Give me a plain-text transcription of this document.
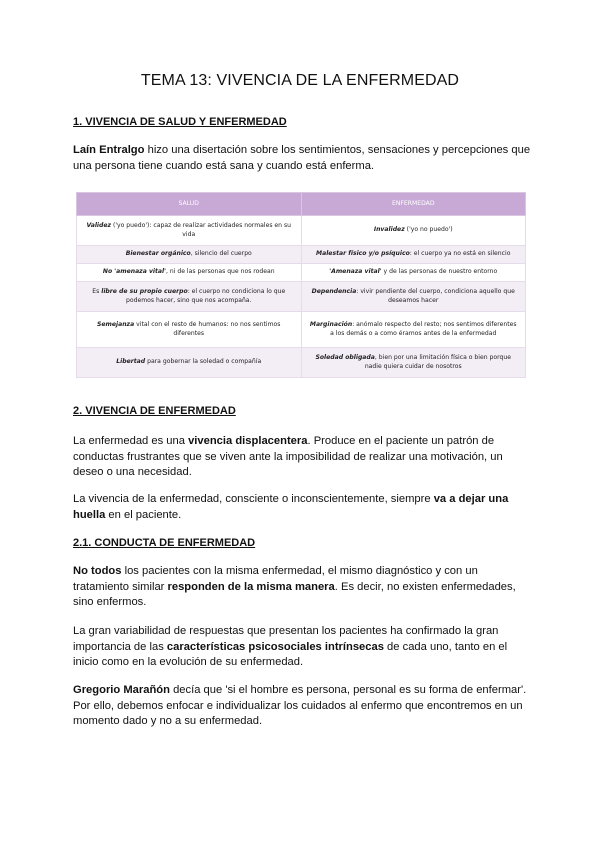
TEMA 13: VIVENCIA DE LA ENFERMEDAD
1. VIVENCIA DE SALUD Y ENFERMEDAD

Laín Entralgo hizo una disertación sobre los sentimientos, sensaciones y percepciones que una persona tiene cuando está sana y cuando está enferma.

SALUD	ENFERMEDAD
Validez ('yo puedo'): capaz de realizar actividades normales en su vida	Invalidez ('yo no puedo')
Bienestar orgánico, silencio del cuerpo	Malestar físico y/o psíquico: el cuerpo ya no está en silencio
No 'amenaza vital', ni de las personas que nos rodean	'Amenaza vital' y de las personas de nuestro entorno
Es libre de su propio cuerpo: el cuerpo no condiciona lo que podemos hacer, sino que nos acompaña.	Dependencia: vivir pendiente del cuerpo, condiciona aquello que deseamos hacer
Semejanza vital con el resto de humanos: no nos sentimos diferentes	Marginación: anómalo respecto del resto; nos sentimos diferentes a los demás o a como éramos antes de la enfermedad
Libertad para gobernar la soledad o compañía	Soledad obligada, bien por una limitación física o bien porque nadie quiera cuidar de nosotros
2. VIVENCIA DE ENFERMEDAD

La enfermedad es una vivencia displacentera. Produce en el paciente un patrón de conductas frustrantes que se viven ante la imposibilidad de realizar una motivación, un deseo o una necesidad.

La vivencia de la enfermedad, consciente o inconscientemente, siempre va a dejar una huella en el paciente.

2.1. CONDUCTA DE ENFERMEDAD

No todos los pacientes con la misma enfermedad, el mismo diagnóstico y con un tratamiento similar responden de la misma manera. Es decir, no existen enfermedades, sino enfermos.

La gran variabilidad de respuestas que presentan los pacientes ha confirmado la gran importancia de las características psicosociales intrínsecas de cada uno, tanto en el inicio como en la evolución de su enfermedad.

Gregorio Marañón decía que 'si el hombre es persona, personal es su forma de enfermar'. Por ello, debemos enfocar e individualizar los cuidados al enfermo que encontremos en un momento dado y no a su enfermedad.
